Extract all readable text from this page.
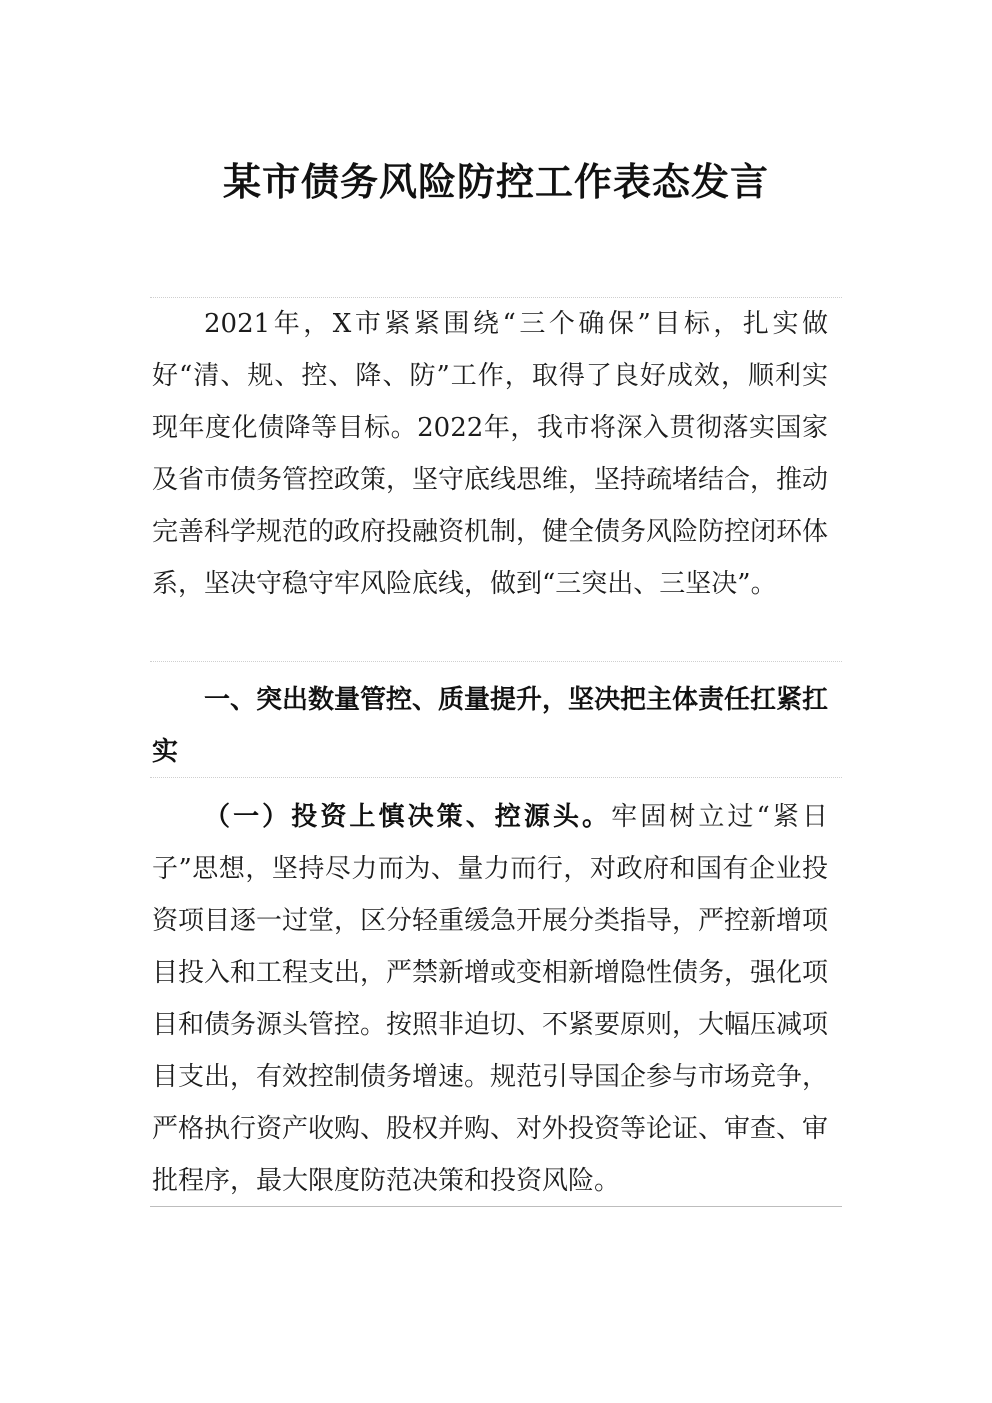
某市债务风险防控工作表态发言

2021年，X市紧紧围绕“三个确保”目标，扎实做好“清、规、控、降、防”工作，取得了良好成效，顺利实现年度化债降等目标。2022年，我市将深入贯彻落实国家及省市债务管控政策，坚守底线思维，坚持疏堵结合，推动完善科学规范的政府投融资机制，健全债务风险防控闭环体系，坚决守稳守牢风险底线，做到“三突出、三坚决”。

一、突出数量管控、质量提升，坚决把主体责任扛紧扛实

（一）投资上慎决策、控源头。牢固树立过“紧日子”思想，坚持尽力而为、量力而行，对政府和国有企业投资项目逐一过堂，区分轻重缓急开展分类指导，严控新增项目投入和工程支出，严禁新增或变相新增隐性债务，强化项目和债务源头管控。按照非迫切、不紧要原则，大幅压减项目支出，有效控制债务增速。规范引导国企参与市场竞争，严格执行资产收购、股权并购、对外投资等论证、审查、审批程序，最大限度防范决策和投资风险。
